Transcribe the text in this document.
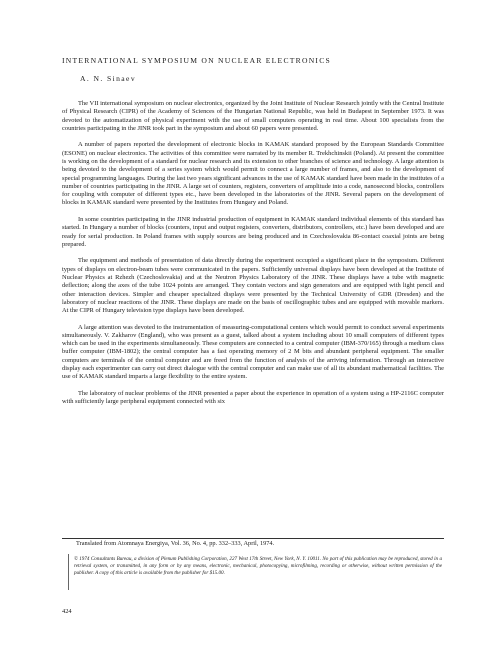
INTERNATIONAL SYMPOSIUM ON NUCLEAR ELECTRONICS
A. N. Sinaev

The VII international symposium on nuclear electronics, organized by the Joint Institute of Nuclear Research jointly with the Central Institute of Physical Research (CIPR) of the Academy of Sciences of the Hungarian National Republic, was held in Budapest in September 1973. It was devoted to the automatization of physical experiment with the use of small computers operating in real time. About 100 specialists from the countries participating in the JINR took part in the symposium and about 60 papers were presented.

A number of papers reported the development of electronic blocks in KAMAK standard proposed by the European Standards Committee (ESONE) on nuclear electronics. The activities of this committee were narrated by its member R. Trekhchinskii (Poland). At present the committee is working on the development of a standard for nuclear research and its extension to other branches of science and technology. A large attention is being devoted to the development of a series system which would permit to connect a large number of frames, and also to the development of special programming languages. During the last two years significant advances in the use of KAMAK standard have been made in the institutes of a number of countries participating in the JINR. A large set of counters, registers, converters of amplitude into a code, nanosecond blocks, controllers for coupling with computer of different types etc., have been developed in the laboratories of the JINR. Several papers on the development of blocks in KAMAK standard were presented by the Institutes from Hungary and Poland.

In some countries participating in the JINR industrial production of equipment in KAMAK standard individual elements of this standard has started. In Hungary a number of blocks (counters, input and output registers, converters, distributors, controllers, etc.) have been developed and are ready for serial production. In Poland frames with supply sources are being produced and in Czechoslovakia 86-contact coaxial joints are being prepared.

The equipment and methods of presentation of data directly during the experiment occupied a significant place in the symposium. Different types of displays on electron-beam tubes were communicated in the papers. Sufficiently universal displays have been developed at the Institute of Nuclear Physics at Rzhezh (Czechoslovakia) and at the Neutron Physics Laboratory of the JINR. These displays have a tube with magnetic deflection; along the axes of the tube 1024 points are arranged. They contain vectors and sign generators and are equipped with light pencil and other interaction devices. Simpler and cheaper specialized displays were presented by the Technical University of GDR (Dresden) and the laboratory of nuclear reactions of the JINR. These displays are made on the basis of oscillographic tubes and are equipped with movable markers. At the CIPR of Hungary television type displays have been developed.

A large attention was devoted to the instrumentation of measuring-computational centers which would permit to conduct several experiments simultaneously. V. Zakharov (England), who was present as a guest, talked about a system including about 10 small computers of different types which can be used in the experiments simultaneously. These computers are connected to a central computer (IBM-370/165) through a medium class buffer computer (IBM-1802); the central computer has a fast operating memory of 2 M bits and abundant peripheral equipment. The smaller computers are terminals of the central computer and are freed from the function of analysis of the arriving information. Through an interactive display each experimenter can carry out direct dialogue with the central computer and can make use of all its abundant mathematical facilities. The use of KAMAK standard imparts a large flexibility to the entire system.

The laboratory of nuclear problems of the JINR presented a paper about the experience in operation of a system using a HP-2116C computer with sufficiently large peripheral equipment connected with six

Translated from Atomnaya Energiya, Vol. 36, No. 4, pp. 332–333, April, 1974.
© 1974 Consultants Bureau, a division of Plenum Publishing Corporation, 227 West 17th Street, New York, N. Y. 10011. No part of this publication may be reproduced, stored in a retrieval system, or transmitted, in any form or by any means, electronic, mechanical, photocopying, microfilming, recording or otherwise, without written permission of the publisher. A copy of this article is available from the publisher for $15.00.
424
